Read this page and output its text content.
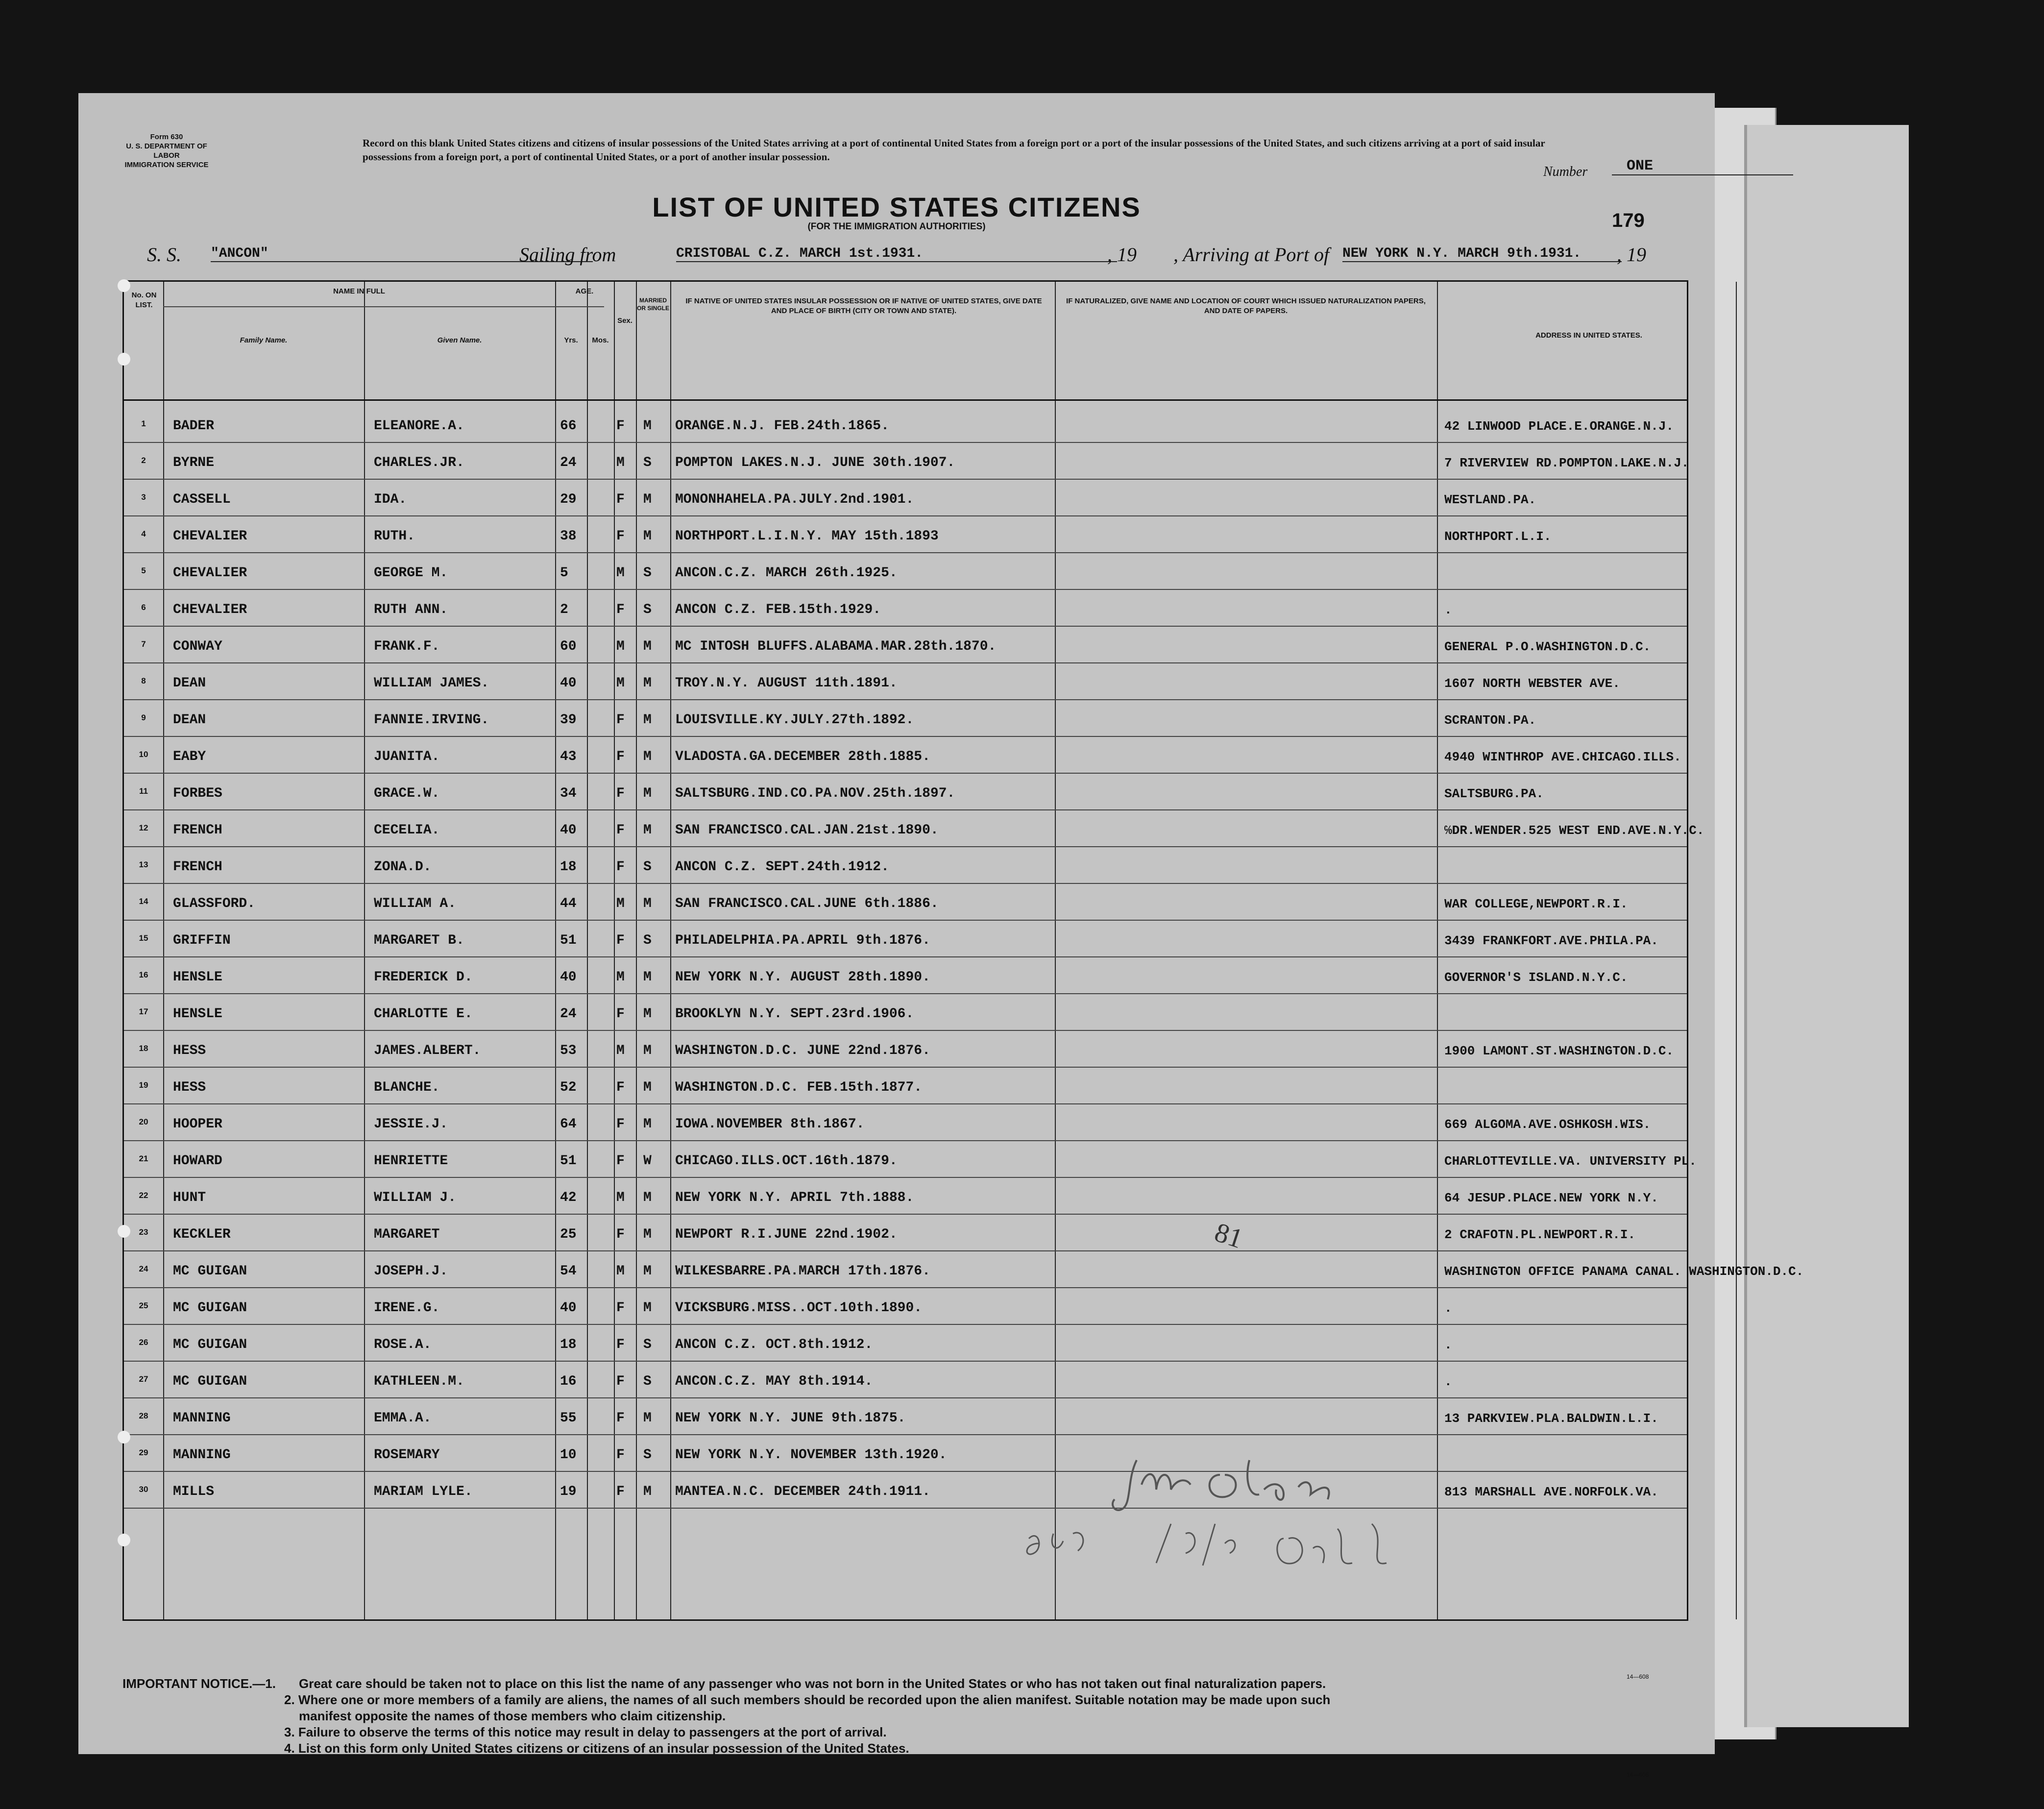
Form 630
U. S. DEPARTMENT OF LABOR
IMMIGRATION SERVICE
Record on this blank United States citizens and citizens of insular possessions of the United States arriving at a port of continental United States from a foreign port or a port of the insular possessions of the United States, and such citizens arriving at a port of said insular possessions from a foreign port, a port of continental United States, or a port of another insular possession.
Number	ONE
LIST OF UNITED STATES CITIZENS
(FOR THE IMMIGRATION AUTHORITIES)	179
S. S. "ANCON"	Sailing from	CRISTOBAL C.Z. MARCH 1st.1931.	, 19 , Arriving at Port of NEW YORK N.Y. MARCH 9th.1931.	, 19
No. ON LIST.
NAME IN FULL
Family Name.	Given Name.
AGE.
Yrs.	Mos.
Sex.
MARRIED OR SINGLE
IF NATIVE OF UNITED STATES INSULAR POSSESSION OR IF NATIVE OF UNITED STATES, GIVE DATE AND PLACE OF BIRTH (CITY OR TOWN AND STATE).
IF NATURALIZED, GIVE NAME AND LOCATION OF COURT WHICH ISSUED NATURALIZATION PAPERS, AND DATE OF PAPERS.
ADDRESS IN UNITED STATES.
1	BADER	ELEANORE.A.	66	F M ORANGE.N.J. FEB.24th.1865.	42 LINWOOD PLACE.E.ORANGE.N.J.
2	BYRNE	CHARLES.JR.	24	M S POMPTON LAKES.N.J. JUNE 30th.1907.	7 RIVERVIEW RD.POMPTON.LAKE.N.J.
3	CASSELL	IDA.	29	F M MONONHAHELA.PA.JULY.2nd.1901.	WESTLAND.PA.
4	CHEVALIER	RUTH.	38	F M NORTHPORT.L.I.N.Y. MAY 15th.1893	NORTHPORT.L.I.
5	CHEVALIER	GEORGE M.	5	M S ANCON.C.Z. MARCH 26th.1925.
6	CHEVALIER	RUTH ANN.	2	F S ANCON C.Z. FEB.15th.1929.	.
7	CONWAY	FRANK.F.	60	M M MC INTOSH BLUFFS.ALABAMA.MAR.28th.1870.	GENERAL P.O.WASHINGTON.D.C.
8	DEAN	WILLIAM JAMES.	40	M M TROY.N.Y. AUGUST 11th.1891.	1607 NORTH WEBSTER AVE.
9	DEAN	FANNIE.IRVING.	39	F M LOUISVILLE.KY.JULY.27th.1892.	SCRANTON.PA.
10	EABY	JUANITA.	43	F M VLADOSTA.GA.DECEMBER 28th.1885.	4940 WINTHROP AVE.CHICAGO.ILLS.
11	FORBES	GRACE.W.	34	F M SALTSBURG.IND.CO.PA.NOV.25th.1897.	SALTSBURG.PA.
12	FRENCH	CECELIA.	40	F M SAN FRANCISCO.CAL.JAN.21st.1890.	℅DR.WENDER.525 WEST END.AVE.N.Y.C.
13	FRENCH	ZONA.D.	18	F S ANCON C.Z. SEPT.24th.1912.
14	GLASSFORD.	WILLIAM A.	44	M M SAN FRANCISCO.CAL.JUNE 6th.1886.	WAR COLLEGE,NEWPORT.R.I.
15	GRIFFIN	MARGARET B.	51	F S PHILADELPHIA.PA.APRIL 9th.1876.	3439 FRANKFORT.AVE.PHILA.PA.
16	HENSLE	FREDERICK D.	40	M M NEW YORK N.Y. AUGUST 28th.1890.	GOVERNOR'S ISLAND.N.Y.C.
17	HENSLE	CHARLOTTE E.	24	F M BROOKLYN N.Y. SEPT.23rd.1906.
18	HESS	JAMES.ALBERT.	53	M M WASHINGTON.D.C. JUNE 22nd.1876.	1900 LAMONT.ST.WASHINGTON.D.C.
19	HESS	BLANCHE.	52	F M WASHINGTON.D.C. FEB.15th.1877.
20	HOOPER	JESSIE.J.	64	F M IOWA.NOVEMBER 8th.1867.	669 ALGOMA.AVE.OSHKOSH.WIS.
21	HOWARD	HENRIETTE	51	F W CHICAGO.ILLS.OCT.16th.1879.	CHARLOTTEVILLE.VA. UNIVERSITY PL.
22	HUNT	WILLIAM J.	42	M M NEW YORK N.Y. APRIL 7th.1888.	64 JESUP.PLACE.NEW YORK N.Y.
23	KECKLER	MARGARET	25	F M NEWPORT R.I.JUNE 22nd.1902.	2 CRAFOTN.PL.NEWPORT.R.I.
24	MC GUIGAN	JOSEPH.J.	54	M M WILKESBARRE.PA.MARCH 17th.1876.	WASHINGTON OFFICE PANAMA CANAL. WASHINGTON.D.C.
25	MC GUIGAN	IRENE.G.	40	F M VICKSBURG.MISS..OCT.10th.1890.	.
26	MC GUIGAN	ROSE.A.	18	F S ANCON C.Z. OCT.8th.1912.	.
27	MC GUIGAN	KATHLEEN.M.	16	F S ANCON.C.Z. MAY 8th.1914.	.
28	MANNING	EMMA.A.	55	F M NEW YORK N.Y. JUNE 9th.1875.	13 PARKVIEW.PLA.BALDWIN.L.I.
29	MANNING	ROSEMARY	10	F S NEW YORK N.Y. NOVEMBER 13th.1920.
30	MILLS	MARIAM LYLE.	19	F M MANTEA.N.C. DECEMBER 24th.1911.	813 MARSHALL AVE.NORFOLK.VA.
81
14—608
IMPORTANT NOTICE.—1. Great care should be taken not to place on this list the name of any passenger who was not born in the United States or who has not taken out final naturalization papers.
2. Where one or more members of a family are aliens, the names of all such members should be recorded upon the alien manifest. Suitable notation may be made upon such
manifest opposite the names of those members who claim citizenship.
3. Failure to observe the terms of this notice may result in delay to passengers at the port of arrival.
4. List on this form only United States citizens or citizens of an insular possession of the United States.
14—608
